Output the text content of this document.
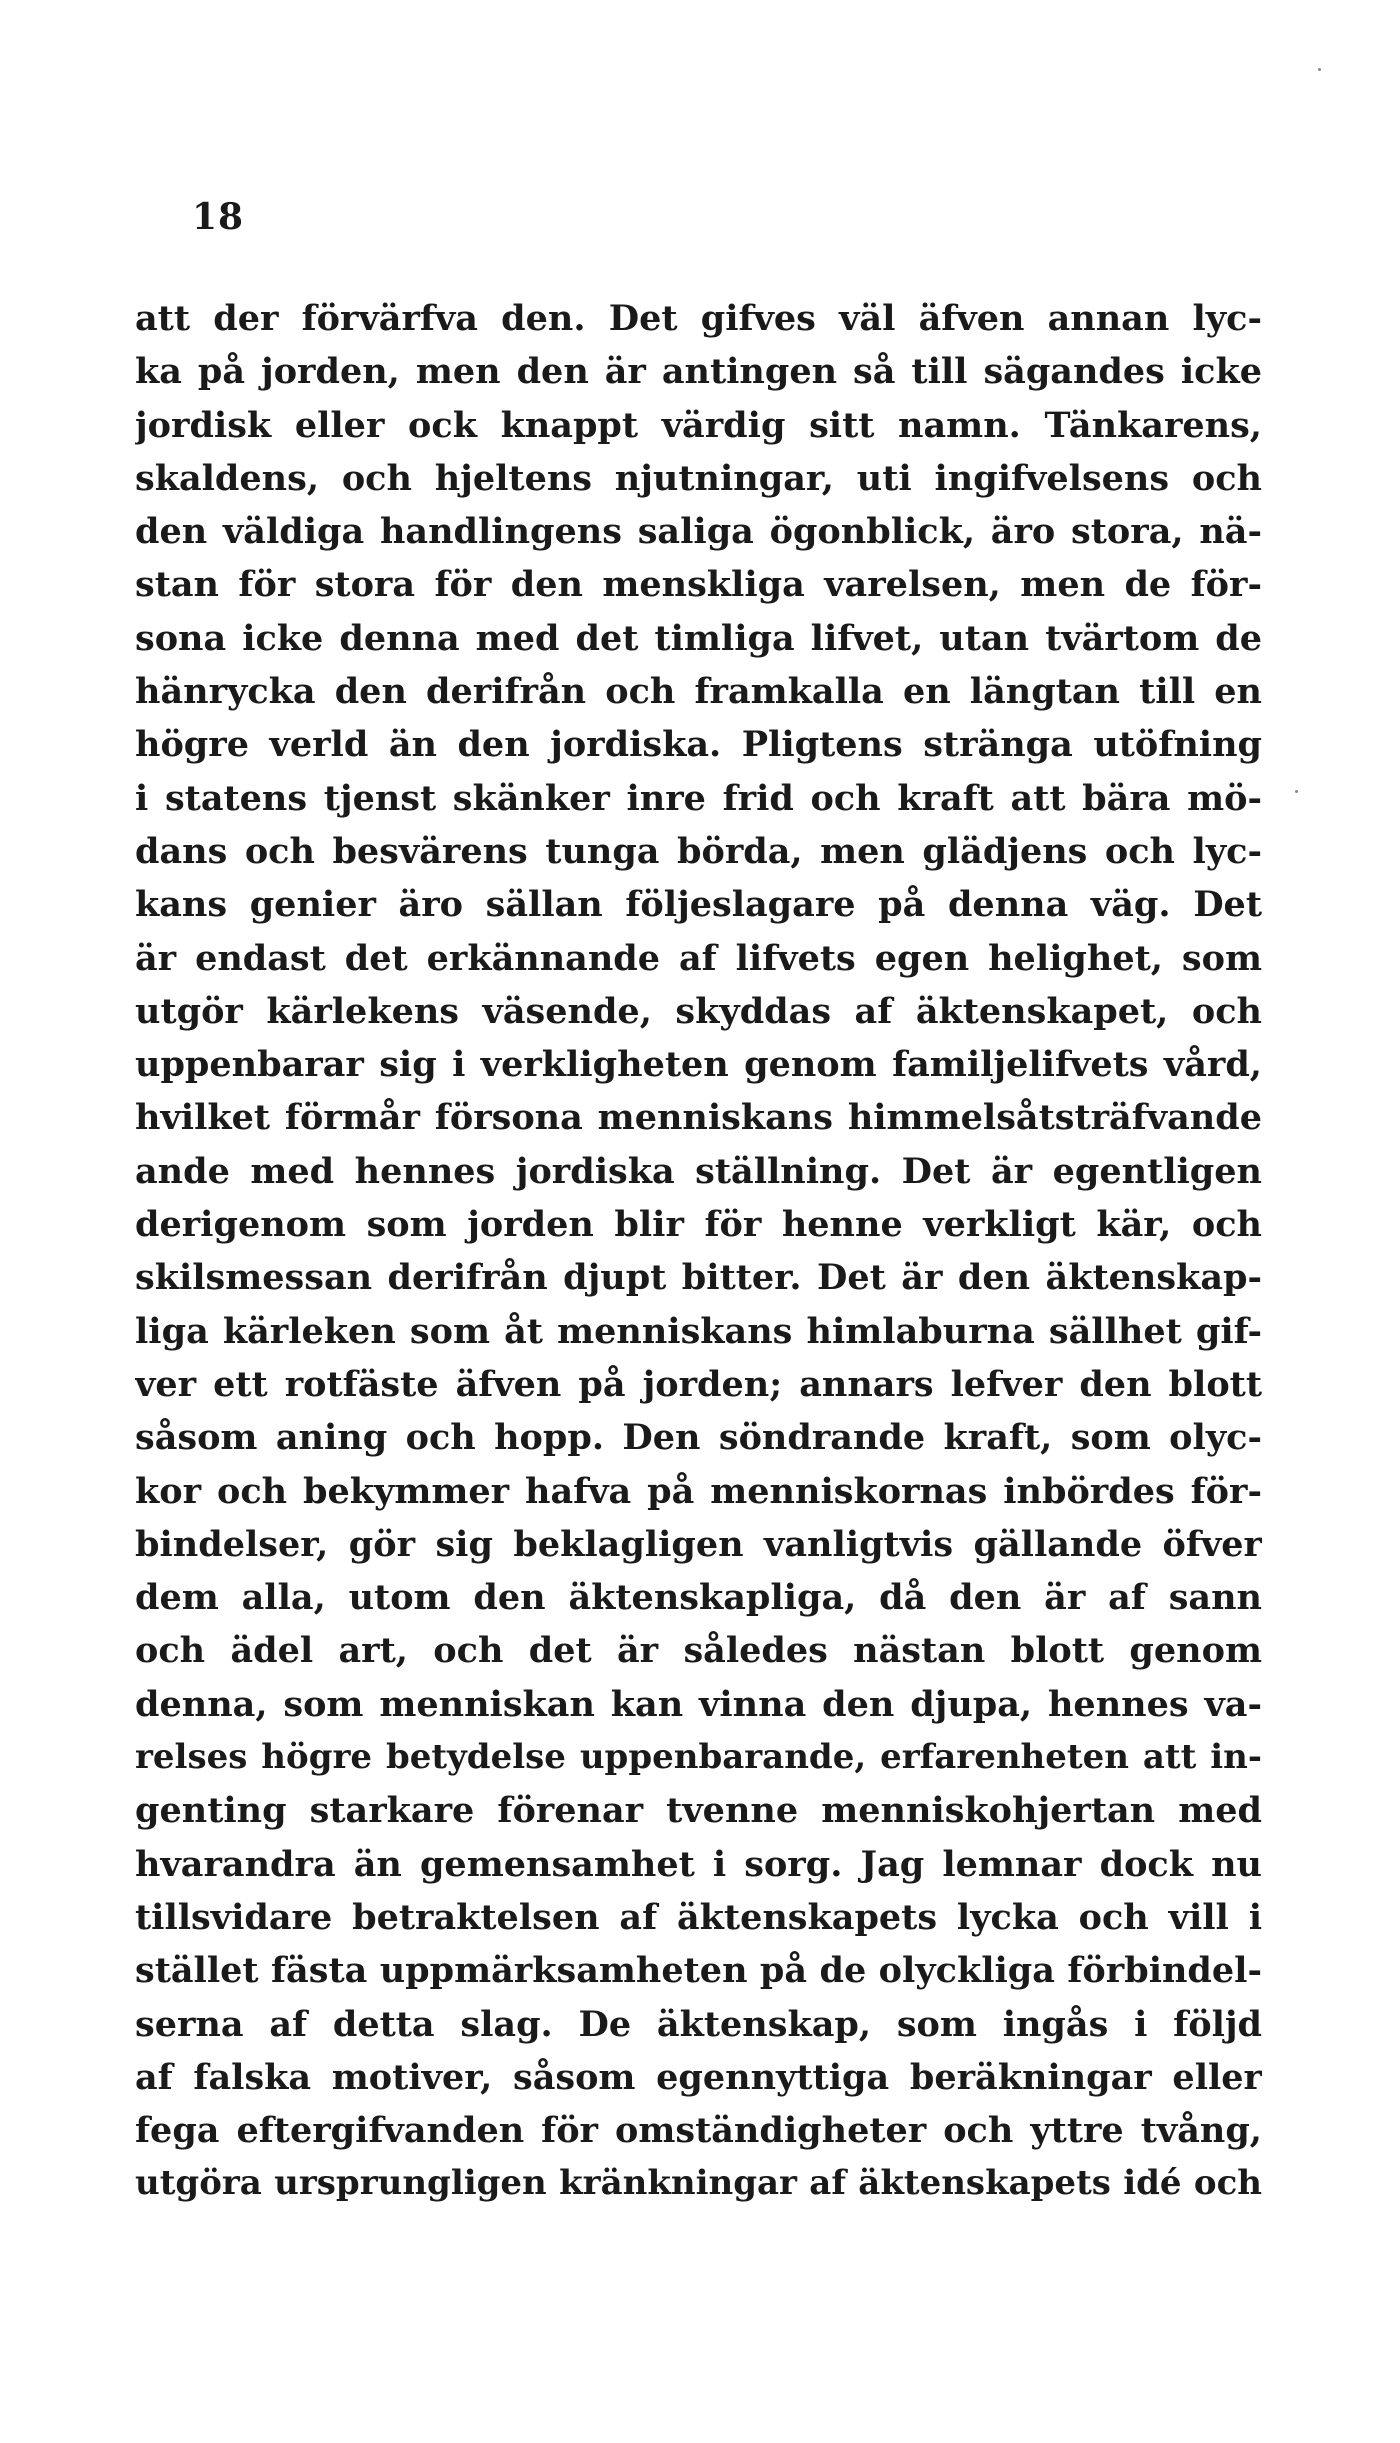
18
att der förvärfva den. Det gifves väl äfven annan lyc-
ka på jorden, men den är antingen så till sägandes icke
jordisk eller ock knappt värdig sitt namn. Tänkarens,
skaldens, och hjeltens njutningar, uti ingifvelsens och
den väldiga handlingens saliga ögonblick, äro stora, nä-
stan för stora för den menskliga varelsen, men de för-
sona icke denna med det timliga lifvet, utan tvärtom de
hänrycka den derifrån och framkalla en längtan till en
högre verld än den jordiska. Pligtens stränga utöfning
i statens tjenst skänker inre frid och kraft att bära mö-
dans och besvärens tunga börda, men glädjens och lyc-
kans genier äro sällan följeslagare på denna väg. Det
är endast det erkännande af lifvets egen helighet, som
utgör kärlekens väsende, skyddas af äktenskapet, och
uppenbarar sig i verkligheten genom familjelifvets vård,
hvilket förmår försona menniskans himmelsåtsträfvande
ande med hennes jordiska ställning. Det är egentligen
derigenom som jorden blir för henne verkligt kär, och
skilsmessan derifrån djupt bitter. Det är den äktenskap-
liga kärleken som åt menniskans himlaburna sällhet gif-
ver ett rotfäste äfven på jorden; annars lefver den blott
såsom aning och hopp. Den söndrande kraft, som olyc-
kor och bekymmer hafva på menniskornas inbördes för-
bindelser, gör sig beklagligen vanligtvis gällande öfver
dem alla, utom den äktenskapliga, då den är af sann
och ädel art, och det är således nästan blott genom
denna, som menniskan kan vinna den djupa, hennes va-
relses högre betydelse uppenbarande, erfarenheten att in-
genting starkare förenar tvenne menniskohjertan med
hvarandra än gemensamhet i sorg. Jag lemnar dock nu
tillsvidare betraktelsen af äktenskapets lycka och vill i
stället fästa uppmärksamheten på de olyckliga förbindel-
serna af detta slag. De äktenskap, som ingås i följd
af falska motiver, såsom egennyttiga beräkningar eller
fega eftergifvanden för omständigheter och yttre tvång,
utgöra ursprungligen kränkningar af äktenskapets idé och
